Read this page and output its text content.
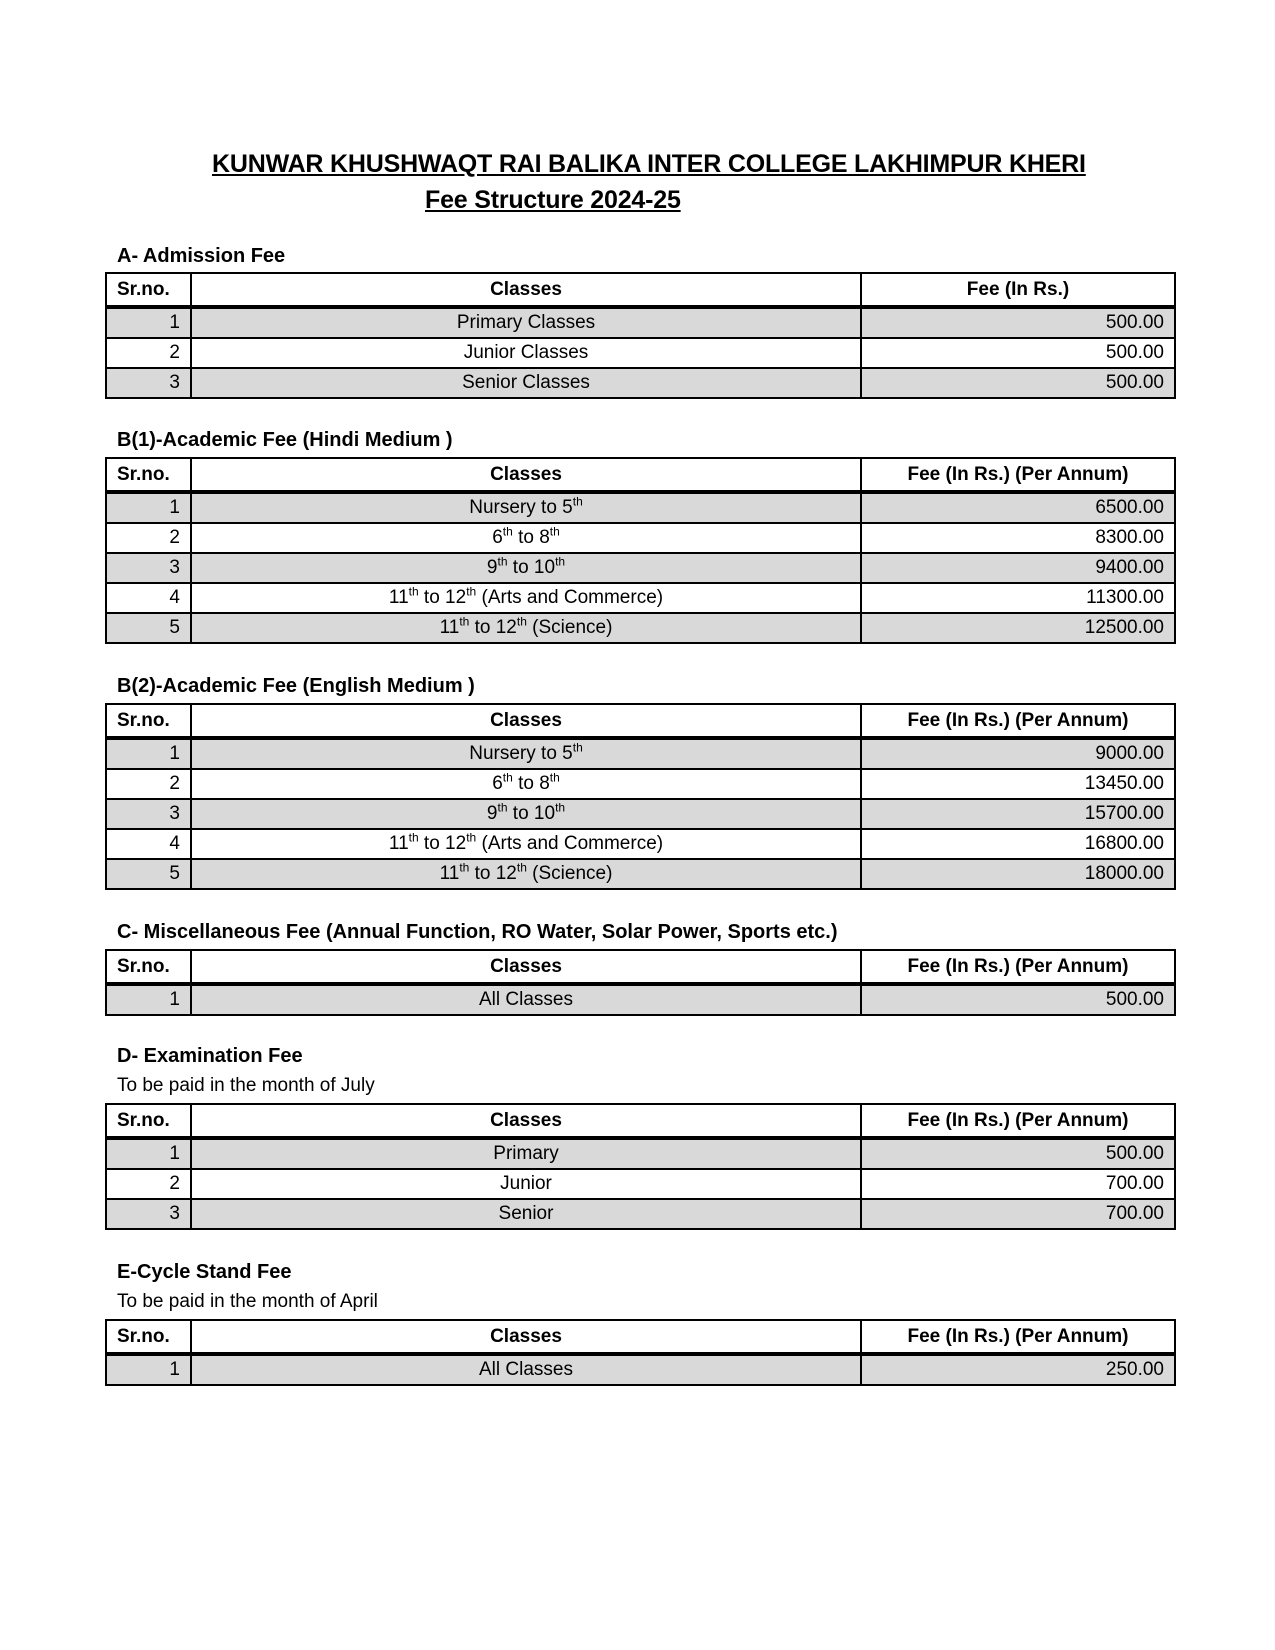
KUNWAR KHUSHWAQT RAI BALIKA INTER COLLEGE LAKHIMPUR KHERI
Fee Structure 2024-25
A- Admission Fee
Sr.no.	Classes	Fee (In Rs.)
1	Primary Classes	500.00
2	Junior Classes	500.00
3	Senior Classes	500.00
B(1)-Academic Fee (Hindi Medium )
Sr.no.	Classes	Fee (In Rs.) (Per Annum)
1	Nursery to 5th	6500.00
2	6th to 8th	8300.00
3	9th to 10th	9400.00
4	11th to 12th (Arts and Commerce)	11300.00
5	11th to 12th (Science)	12500.00
B(2)-Academic Fee (English Medium )
Sr.no.	Classes	Fee (In Rs.) (Per Annum)
1	Nursery to 5th	9000.00
2	6th to 8th	13450.00
3	9th to 10th	15700.00
4	11th to 12th (Arts and Commerce)	16800.00
5	11th to 12th (Science)	18000.00
C- Miscellaneous Fee (Annual Function, RO Water, Solar Power, Sports etc.)
Sr.no.	Classes	Fee (In Rs.) (Per Annum)
1	All Classes	500.00
D- Examination Fee
To be paid in the month of July
Sr.no.	Classes	Fee (In Rs.) (Per Annum)
1	Primary	500.00
2	Junior	700.00
3	Senior	700.00
E-Cycle Stand Fee
To be paid in the month of April
Sr.no.	Classes	Fee (In Rs.) (Per Annum)
1	All Classes	250.00
